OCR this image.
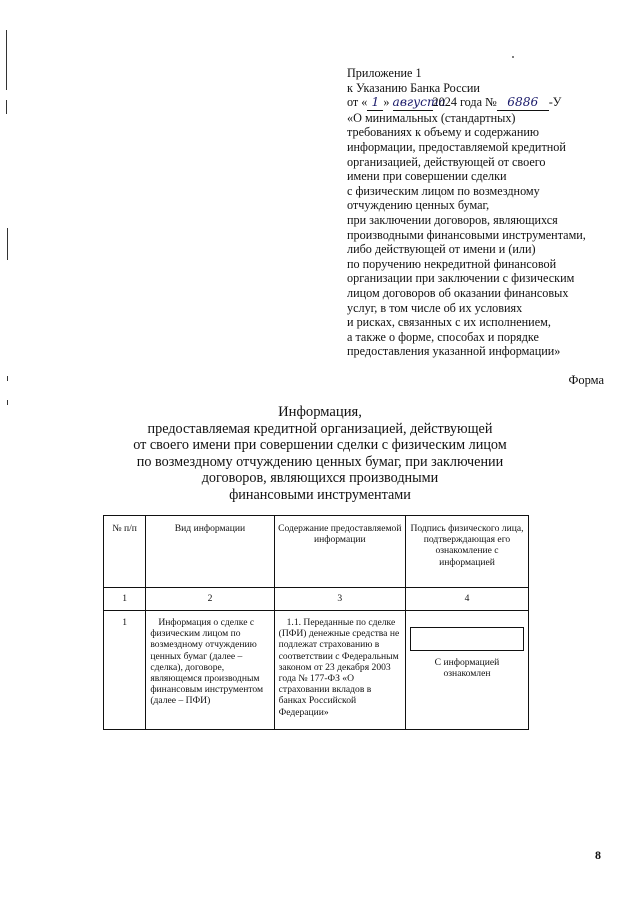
Приложение 1
к Указанию Банка России
от « 1 » августа2024 года № 6886 -У
«О минимальных (стандартных)
требованиях к объему и содержанию
информации, предоставляемой кредитной
организацией, действующей от своего
имени при совершении сделки
с физическим лицом по возмездному
отчуждению ценных бумаг,
при заключении договоров, являющихся
производными финансовыми инструментами,
либо действующей от имени и (или)
по поручению некредитной финансовой
организации при заключении с физическим
лицом договоров об оказании финансовых
услуг, в том числе об их условиях
и рисках, связанных с их исполнением,
а также о форме, способах и порядке
предоставления указанной информации»
Форма
Информация,
предоставляемая кредитной организацией, действующей
от своего имени при совершении сделки с физическим лицом
по возмездному отчуждению ценных бумаг, при заключении
договоров, являющихся производными
финансовыми инструментами
№ п/п	Вид информации	Содержание предоставляемой информации	Подпись физического лица, подтверждающая его ознакомление с информацией
1	2	3	4
1	Информация о сделке с физическим лицом по возмездному отчуждению ценных бумаг (далее – сделка), договоре, являющемся производным финансовым инструментом (далее – ПФИ)	1.1. Переданные по сделке (ПФИ) денежные средства не подлежат страхованию в соответствии с Федеральным законом от 23 декабря 2003 года № 177-ФЗ «О страховании вкладов в банках Российской Федерации»	С информацией ознакомлен
8
